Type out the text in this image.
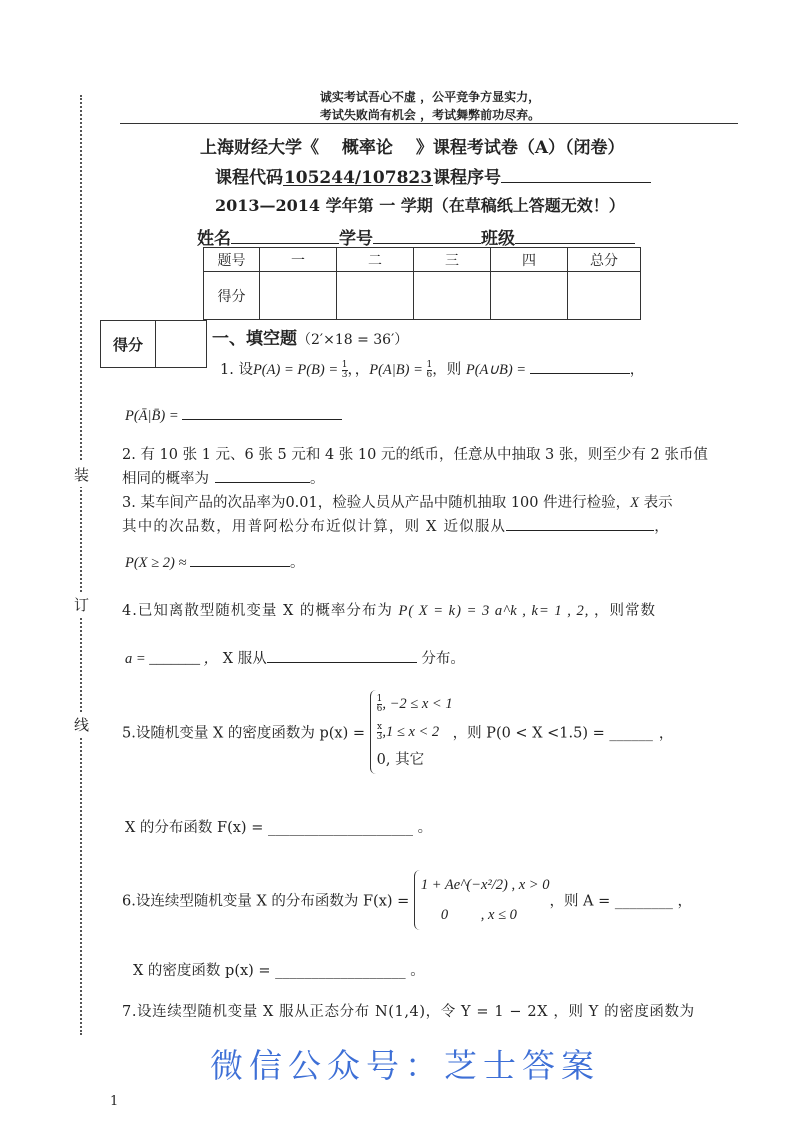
装
订
线
诚实考试吾心不虚 ，公平竞争方显实力，
考试失败尚有机会 ，考试舞弊前功尽弃。
上海财经大学《　 概率论　 》课程考试卷（A）（闭卷）
课程代码105244/107823课程序号
2013—2014 学年第 一 学期（在草稿纸上答题无效！）
姓名	学号	班级
题号	一	二	三	四	总分
得分					
得分	一、填空题（2′×18 = 36′）
1. 设$P(A) = P(B) = \frac{1}{3}$ ，，$P(A|B) = \frac{1}{6}$ ，则 P(A∪B) =	，
P(Ā|B̄) =
2. 有 10 张 1 元、6 张 5 元和 4 张 10 元的纸币，任意从中抽取 3 张，则至少有 2 张币值
相同的概率为	。
3. 某车间产品的次品率为0.01，检验人员从产品中随机抽取 100 件进行检验，X 表示
其中的次品数，用普阿松分布近似计算，则 X 近似服从	，
P(X ≥ 2) ≈	。
4.已知离散型随机变量 X 的概率分布为 P( X = k) = 3 a^k , k= 1 , 2, ，则常数
a = _______ ， X 服从	分布。
5.设随机变量 X 的密度函数为 p(x) =
$\frac{1}{6}$ , −2 ≤ x < 1
$\frac{x}{3} ,1 \le x < 2$
0, 其它
，则 P(0 < X <1.5) = ______ ，
X 的分布函数 F(x) = ____________________ 。
6.设连续型随机变量 X 的分布函数为 F(x) =
1 + Ae^(−x²/2) , x > 0
0　　 , x ≤ 0
，则 A = ________ ，
X 的密度函数 p(x) = __________________ 。
7.设连续型随机变量 X 服从正态分布 N(1,4)，令 Y = 1 − 2X ，则 Y 的密度函数为
微信公众号：芝士答案
1
